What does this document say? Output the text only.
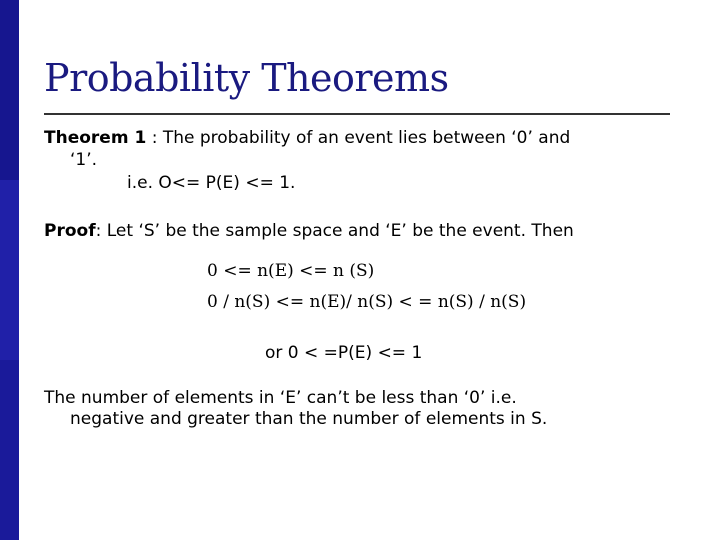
Probability Theorems
Theorem 1 : The probability of an event lies between ‘0’ and
‘1’.
i.e. O<= P(E) <= 1.
Proof: Let ‘S’ be the sample space and ‘E’ be the event. Then
0 <= n(E) <= n (S)
0 / n(S) <= n(E)/ n(S) < = n(S) / n(S)
or 0 < =P(E) <= 1
The number of elements in ‘E’ can’t be less than ‘0’ i.e.
negative and greater than the number of elements in S.
